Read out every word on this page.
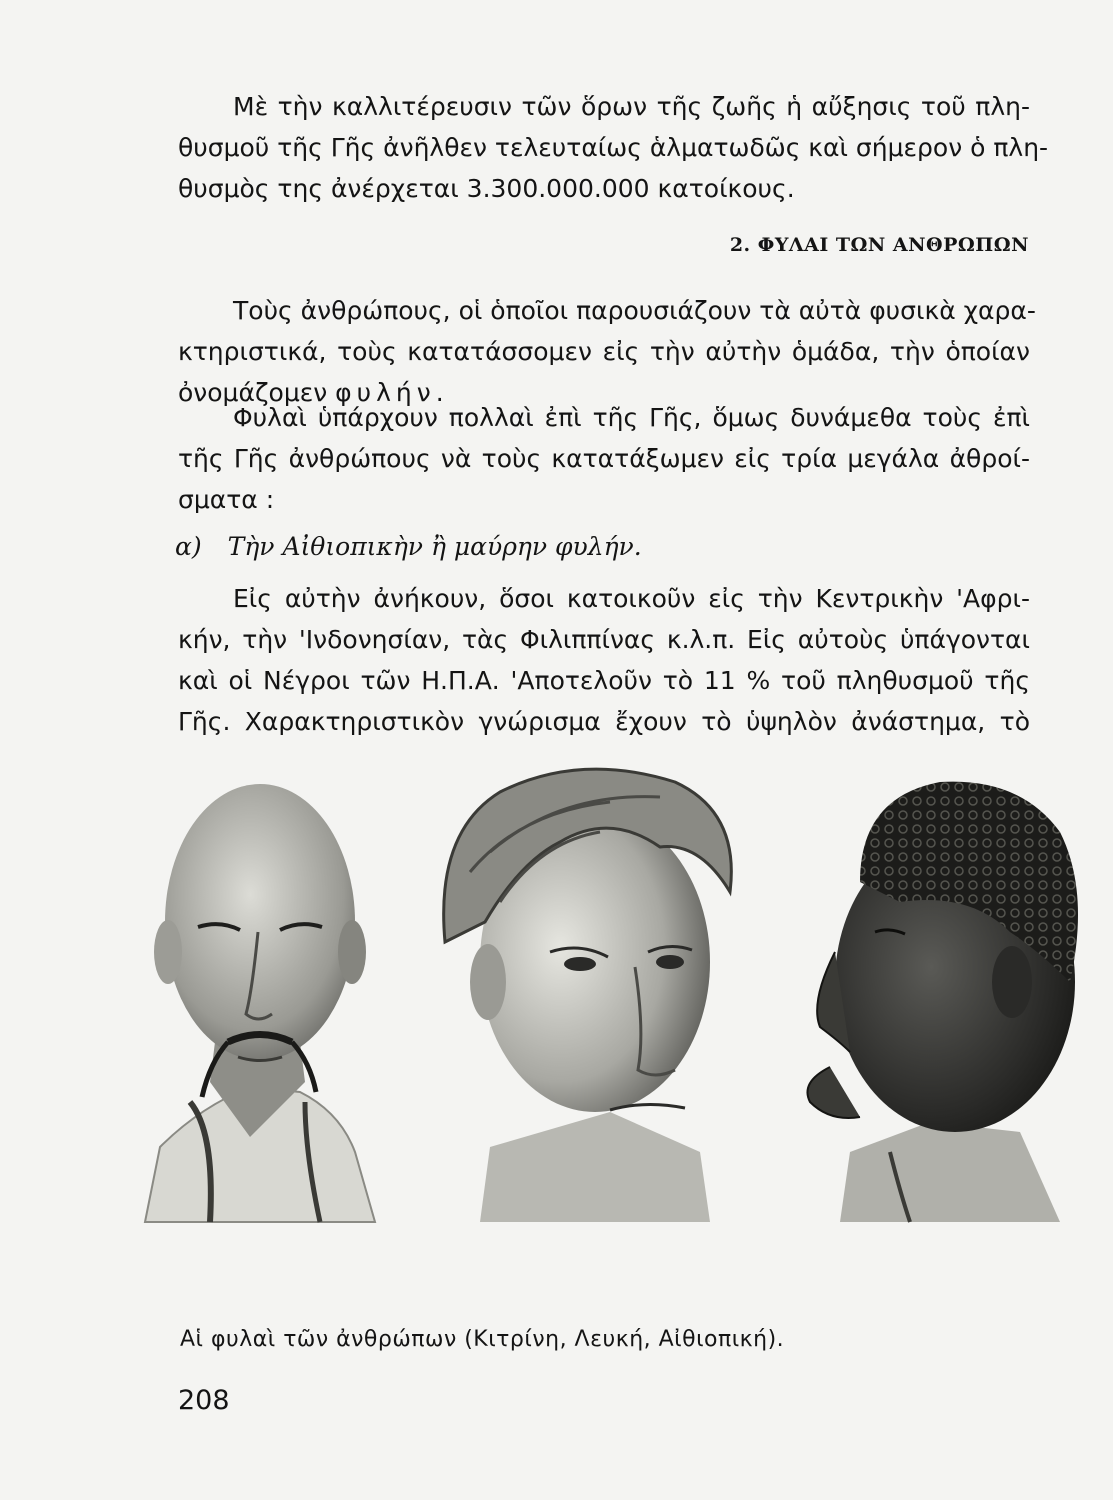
Μὲ τὴν καλλιτέρευσιν τῶν ὅρων τῆς ζωῆς ἡ αὔξησις τοῦ πλη-
θυσμοῦ τῆς Γῆς ἀνῆλθεν τελευταίως ἁλματωδῶς καὶ σήμερον ὁ πλη-
θυσμὸς της ἀνέρχεται 3.300.000.000 κατοίκους.
2. ΦΥΛΑΙ ΤΩΝ ΑΝΘΡΩΠΩΝ
Τοὺς ἀνθρώπους, οἱ ὁποῖοι παρουσιάζουν τὰ αὐτὰ φυσικὰ χαρα-
κτηριστικά, τοὺς κατατάσσομεν εἰς τὴν αὐτὴν ὁμάδα, τὴν ὁποίαν
ὀνομάζομεν φυλήν.
Φυλαὶ ὑπάρχουν πολλαὶ ἐπὶ τῆς Γῆς, ὅμως δυνάμεθα τοὺς ἐπὶ
τῆς Γῆς ἀνθρώπους νὰ τοὺς κατατάξωμεν εἰς τρία μεγάλα ἀθροί-
σματα :
α) Τὴν Αἰθιοπικὴν ἢ μαύρην φυλήν.
Εἰς αὐτὴν ἀνήκουν, ὅσοι κατοικοῦν εἰς τὴν Κεντρικὴν 'Αφρι-
κήν, τὴν 'Ινδονησίαν, τὰς Φιλιππίνας κ.λ.π. Εἰς αὐτοὺς ὑπάγονται
καὶ οἱ Νέγροι τῶν Η.Π.Α. 'Αποτελοῦν τὸ 11 % τοῦ πληθυσμοῦ τῆς
Γῆς. Χαρακτηριστικὸν γνώρισμα ἔχουν τὸ ὑψηλὸν ἀνάστημα, τὸ
Αἱ φυλαὶ τῶν ἀνθρώπων (Κιτρίνη, Λευκή, Αἰθιοπική).
208
